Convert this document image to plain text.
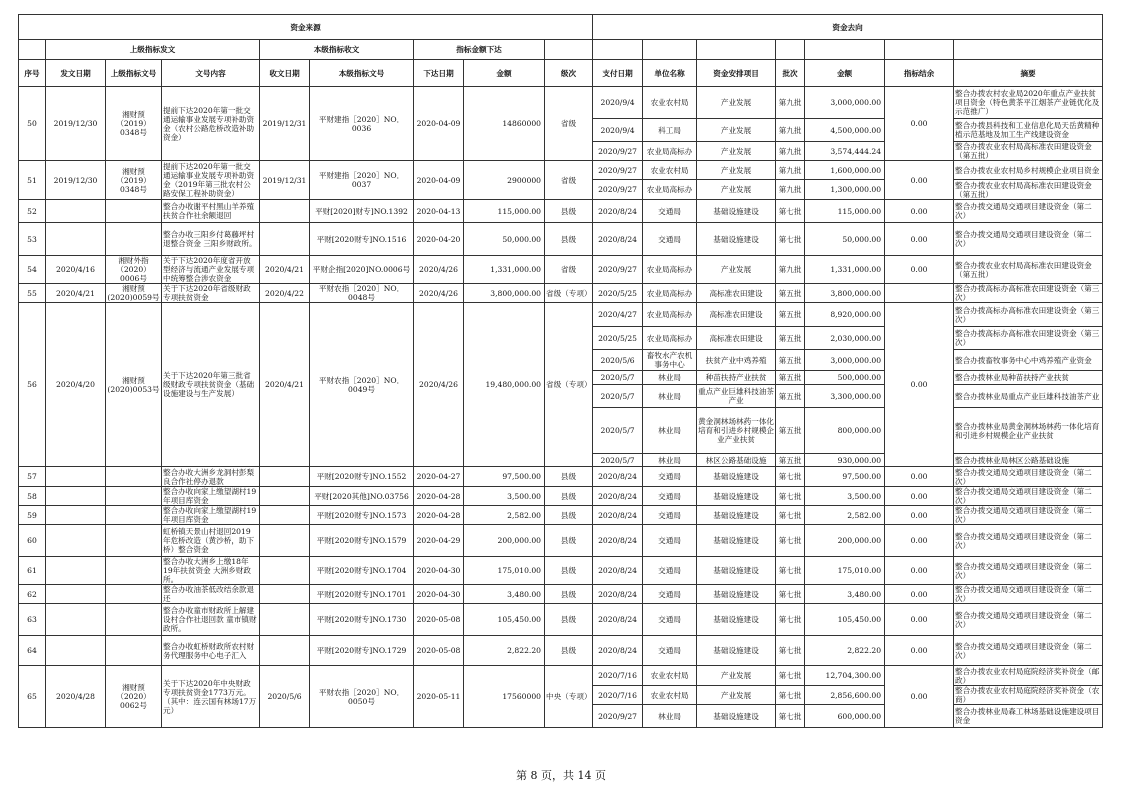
资金来源									资金去向						
	上级指标发文			本级指标收文		指标金额下达									
序号	发文日期	上级指标文号	文号内容	收文日期	本级指标文号	下达日期	金额	级次	支付日期	单位名称	资金安排项目	批次	金额	指标结余	摘要
50	2019/12/30	湘财预（2019）0348号	提前下达2020年第一批交通运输事业发展专项补助资金（农村公路危桥改造补助资金）	2019/12/31	平财建指［2020］NO．0036	2020-04-09	14860000	省级	2020/9/4	农业农村局	产业发展	第九批	3,000,000.00	0.00	整合办拨农村农业局2020年重点产业扶贫项目资金（特色黄茶平江烟茶产业链优化及示范推广）
									2020/9/4	科工局	产业发展	第九批	4,500,000.00		整合办拨县科技和工业信息化局天岳黄精种植示范基地及加工生产线建设资金
									2020/9/27	农业局高标办	产业发展	第九批	3,574,444.24		整合办拨农业农村局高标准农田建设资金（第五批）
51	2019/12/30	湘财预（2019）0348号	提前下达2020年第一批交通运输事业发展专项补助资金（2019年第三批农村公路安保工程补助资金）	2019/12/31	平财建指［2020］NO．0037	2020-04-09	2900000	省级	2020/9/27	农业农村局	产业发展	第九批	1,600,000.00	0.00	整合办拨农业农村局乡村规模企业项目资金
									2020/9/27	农业局高标办	产业发展	第九批	1,300,000.00		整合办拨农业农村局高标准农田建设资金（第五批）
52			整合办收谢平村黑山羊养殖扶贫合作社余额退回		平财[2020]财专]NO.1392	2020-04-13	115,000.00	县级	2020/8/24	交通局	基础设施建设	第七批	115,000.00	0.00	整合办拨交通局交通项目建设资金（第二次）
53			整合办收三阳乡付葛藤坪村退整合资金 三阳乡财政所。		平财[2020财专]NO.1516	2020-04-20	50,000.00	县级	2020/8/24	交通局	基础设施建设	第七批	50,000.00	0.00	整合办拨交通局交通项目建设资金（第二次）
54	2020/4/16	湘财外指（2020）0006号	关于下达2020年度省开放型经济与流通产业发展专项中统筹整合涉农资金	2020/4/21	平财企指[2020]NO.0006号	2020/4/26	1,331,000.00	省级	2020/9/27	农业局高标办	产业发展	第九批	1,331,000.00	0.00	整合办拨农业农村局高标准农田建设资金（第五批）
55	2020/4/21	湘财预(2020)0059号	关于下达2020年省级财政专项扶贫资金	2020/4/22	平财农指［2020］NO．0048号	2020/4/26	3,800,000.00	省级（专项）	2020/5/25	农业局高标办	高标准农田建设	第五批	3,800,000.00		整合办拨高标办高标准农田建设资金（第三次）
56	2020/4/20	湘财预(2020)0053号	关于下达2020年第三批省级财政专项扶贫资金（基础设施建设与生产发展）	2020/4/21	平财农指［2020］NO．0049号	2020/4/26	19,480,000.00	省级（专项）	2020/4/27	农业局高标办	高标准农田建设	第五批	8,920,000.00	0.00	整合办拨高标办高标准农田建设资金（第三次）
									2020/5/25	农业局高标办	高标准农田建设	第五批	2,030,000.00		整合办拨高标办高标准农田建设资金（第三次）
									2020/5/6	畜牧水产农机事务中心	扶贫产业中鸡养殖	第五批	3,000,000.00		整合办拨畜牧事务中心中鸡养殖产业资金
									2020/5/7	林业局	种苗扶持产业扶贫	第五批	500,000.00		整合办拨林业局种苗扶持产业扶贫
									2020/5/7	林业局	重点产业巨雄科技油茶产业	第五批	3,300,000.00		整合办拨林业局重点产业巨雄科技油茶产业
									2020/5/7	林业局	黄金洞林场林药一体化培育和引进乡村规模企业产业扶贫	第五批	800,000.00		整合办拨林业局黄金洞林场林药一体化培育和引进乡村规模企业产业扶贫
									2020/5/7	林业局	林区公路基础设施	第五批	930,000.00		整合办拨林业局林区公路基础设施
57			整合办收大洲乡龙洞村彭梨良合作社停办退款		平财[2020财专]NO.1552	2020-04-27	97,500.00	县级	2020/8/24	交通局	基础设施建设	第七批	97,500.00	0.00	整合办拨交通局交通项目建设资金（第二次）
58			整合办收向家上缴望湖村19年项目库资金		平财[2020其他]NO.03756	2020-04-28	3,500.00	县级	2020/8/24	交通局	基础设施建设	第七批	3,500.00	0.00	整合办拨交通局交通项目建设资金（第二次）
59			整合办收向家上缴望湖村19年项目库资金		平财[2020财专]NO.1573	2020-04-28	2,582.00	县级	2020/8/24	交通局	基础设施建设	第七批	2,582.00	0.00	整合办拨交通局交通项目建设资金（第二次）
60			虹桥镇天景山村退回2019年危桥改造（黄沙桥，助下桥）整合资金		平财[2020财专]NO.1579	2020-04-29	200,000.00	县级	2020/8/24	交通局	基础设施建设	第七批	200,000.00	0.00	整合办拨交通局交通项目建设资金（第二次）
61			整合办收大洲乡上缴18年19年扶贫资金 大洲乡财政所。		平财[2020财专]NO.1704	2020-04-30	175,010.00	县级	2020/8/24	交通局	基础设施建设	第七批	175,010.00	0.00	整合办拨交通局交通项目建设资金（第二次）
62			整合办收油茶低改结余款退还		平财[2020财专]NO.1701	2020-04-30	3,480.00	县级	2020/8/24	交通局	基础设施建设	第七批	3,480.00	0.00	整合办拨交通局交通项目建设资金（第二次）
63			整合办收童市财政所上解建设村合作社退回款 童市镇财政所。		平财[2020财专]NO.1730	2020-05-08	105,450.00	县级	2020/8/24	交通局	基础设施建设	第七批	105,450.00	0.00	整合办拨交通局交通项目建设资金（第二次）
64			整合办收虹桥财政所农村财务代理服务中心电子汇入		平财[2020财专]NO.1729	2020-05-08	2,822.20	县级	2020/8/24	交通局	基础设施建设	第七批	2,822.20	0.00	整合办拨交通局交通项目建设资金（第二次）
65	2020/4/28	湘财预（2020）0062号	关于下达2020年中央财政专项扶贫资金1773万元。（其中：连云国有林场17万元）	2020/5/6	平财农指［2020］NO．0050号	2020-05-11	17560000	中央（专项）	2020/7/16	农业农村局	产业发展	第七批	12,704,300.00	0.00	整合办拨农业农村局庭院经济奖补资金（邮政）
									2020/7/16	农业农村局	产业发展	第七批	2,856,600.00		整合办拨农业农村局庭院经济奖补资金（农商）
									2020/9/27	林业局	基础设施建设	第七批	600,000.00		整合办拨林业局森工林场基础设施建设项目资金
第 8 页，共 14 页
